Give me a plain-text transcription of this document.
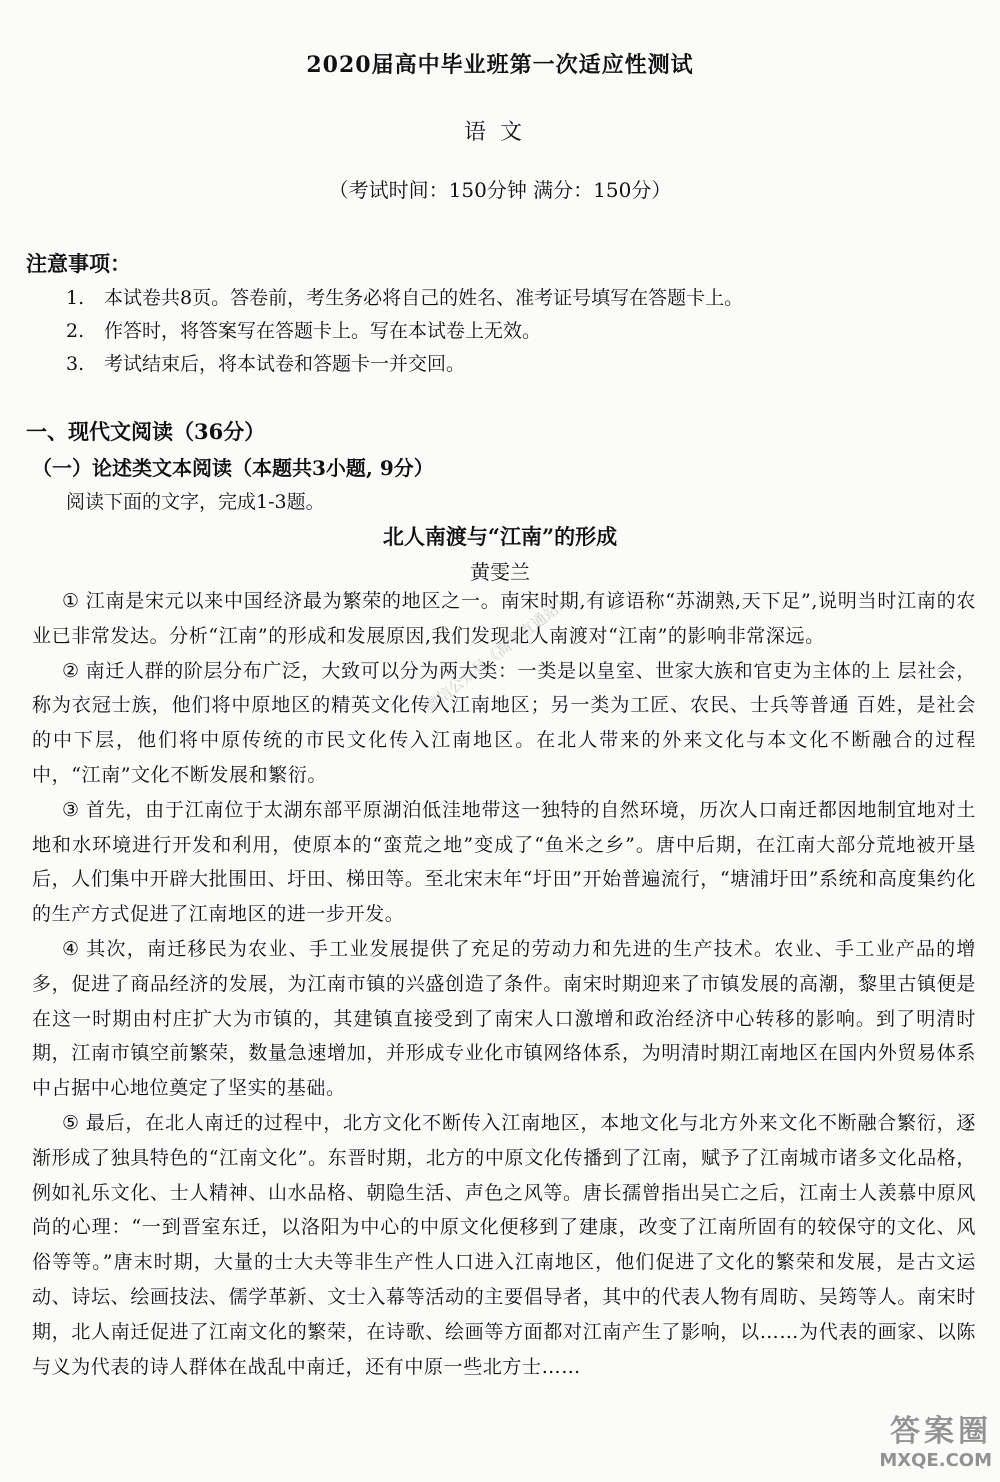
2020届高中毕业班第一次适应性测试
语文
（考试时间：150分钟 满分：150分）
注意事项：
1. 本试卷共8页。答卷前，考生务必将自己的姓名、准考证号填写在答题卡上。
2. 作答时，将答案写在答题卡上。写在本试卷上无效。
3. 考试结束后，将本试卷和答题卡一并交回。
一、现代文阅读（36分）
（一）论述类文本阅读（本题共3小题, 9分）
阅读下面的文字，完成1-3题。
北人南渡与“江南”的形成
黄雯兰

① 江南是宋元以来中国经济最为繁荣的地区之一。南宋时期,有谚语称“苏湖熟,天下足”,说明当时江南的农业已非常发达。分析“江南”的形成和发展原因,我们发现北人南渡对“江南”的影响非常深远。

② 南迁人群的阶层分布广泛，大致可以分为两大类：一类是以皇室、世家大族和官吏为主体的上 层社会，称为衣冠士族，他们将中原地区的精英文化传入江南地区；另一类为工匠、农民、士兵等普通 百姓，是社会的中下层，他们将中原传统的市民文化传入江南地区。在北人带来的外来文化与本文化不断融合的过程中，“江南”文化不断发展和繁衍。

③ 首先，由于江南位于太湖东部平原湖泊低洼地带这一独特的自然环境，历次人口南迁都因地制宜地对土地和水环境进行开发和利用，使原本的“蛮荒之地”变成了“鱼米之乡”。唐中后期，在江南大部分荒地被开垦后，人们集中开辟大批围田、圩田、梯田等。至北宋末年“圩田”开始普遍流行，“塘浦圩田”系统和高度集约化的生产方式促进了江南地区的进一步开发。

④ 其次，南迁移民为农业、手工业发展提供了充足的劳动力和先进的生产技术。农业、手工业产品的增多，促进了商品经济的发展，为江南市镇的兴盛创造了条件。南宋时期迎来了市镇发展的高潮，黎里古镇便是在这一时期由村庄扩大为市镇的，其建镇直接受到了南宋人口激增和政治经济中心转移的影响。到了明清时期，江南市镇空前繁荣，数量急速增加，并形成专业化市镇网络体系，为明清时期江南地区在国内外贸易体系中占据中心地位奠定了坚实的基础。

⑤ 最后，在北人南迁的过程中，北方文化不断传入江南地区，本地文化与北方外来文化不断融合繁衍，逐渐形成了独具特色的“江南文化”。东晋时期，北方的中原文化传播到了江南，赋予了江南城市诸多文化品格，例如礼乐文化、士人精神、山水品格、朝隐生活、声色之风等。唐长孺曾指出吴亡之后，江南士人羡慕中原风尚的心理：“一到晋室东迁，以洛阳为中心的中原文化便移到了建康，改变了江南所固有的较保守的文化、风俗等等。”唐末时期，大量的士大夫等非生产性人口进入江南地区，他们促进了文化的繁荣和发展，是古文运动、诗坛、绘画技法、儒学革新、文士入幕等活动的主要倡导者，其中的代表人物有周昉、吴筠等人。南宋时期，北人南迁促进了江南文化的繁荣，在诗歌、绘画等方面都对江南产生了影响，以……为代表的画家、以陈与义为代表的诗人群体在战乱中南迁，还有中原一些北方士……

微信公众号《高考直通站》
答案圈
MXQE.COM
